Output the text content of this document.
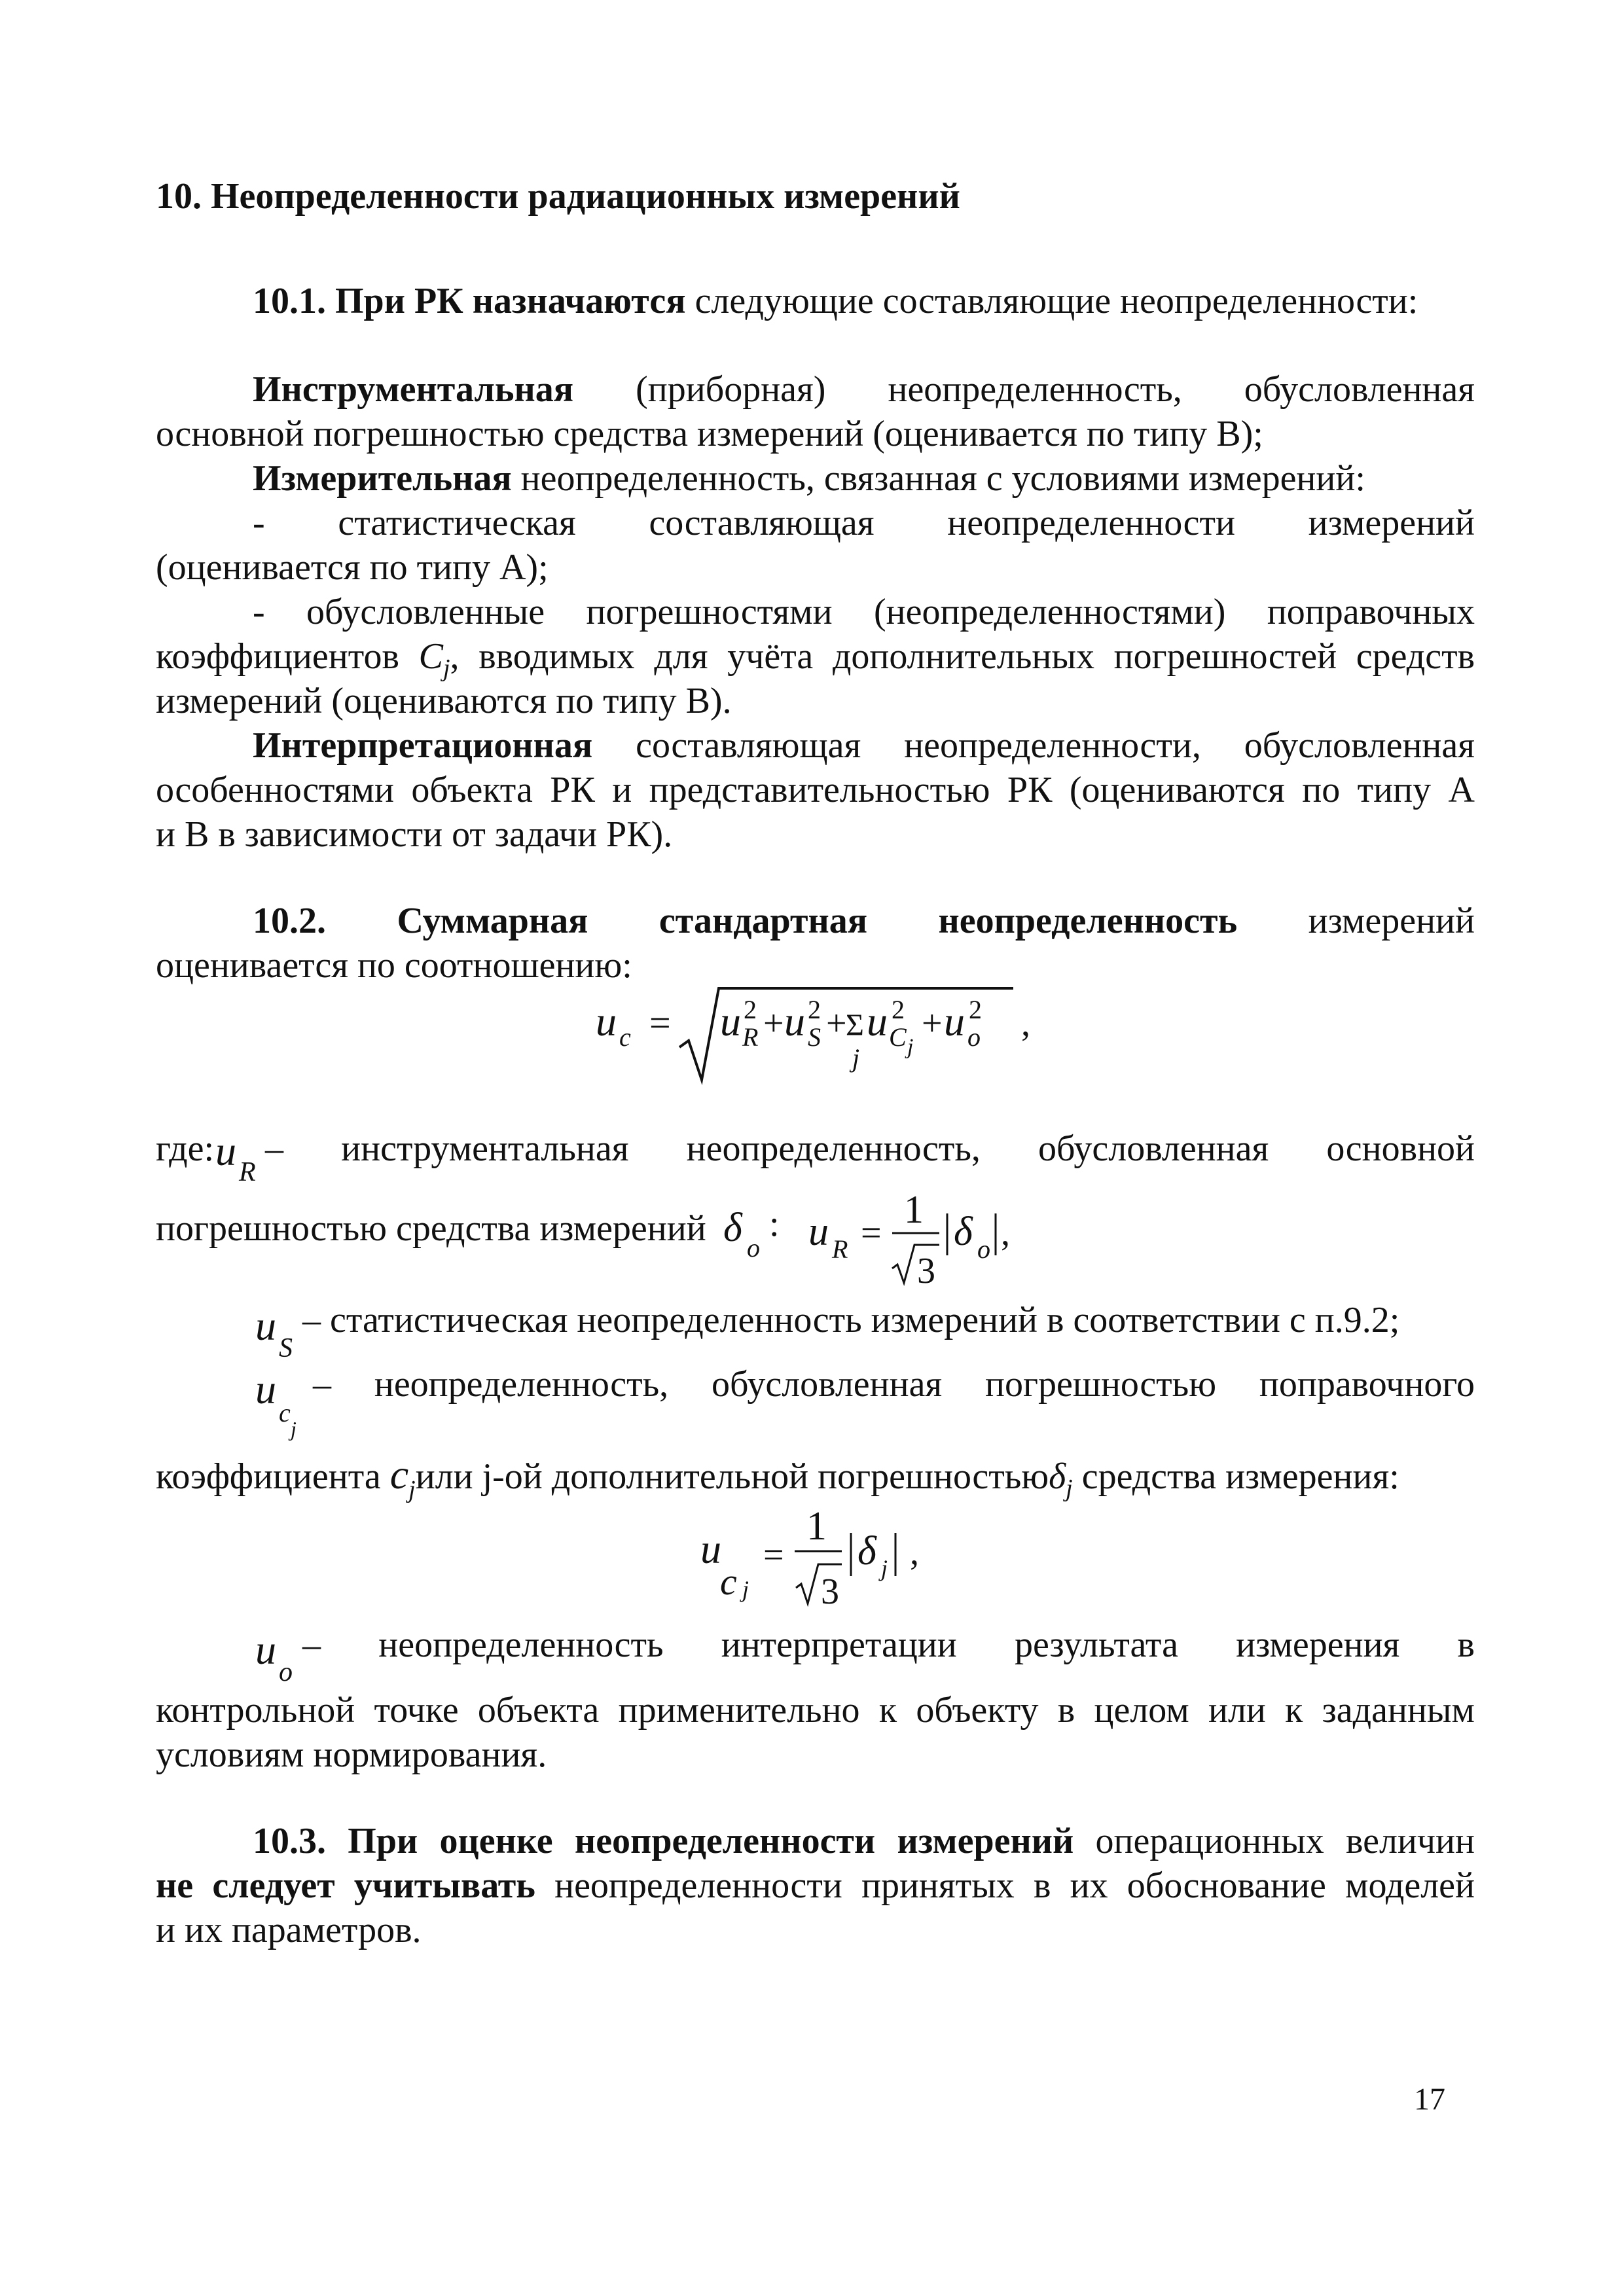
10. Неопределенности радиационных измерений
10.1. При РК назначаются следующие составляющие неопределенности:
Инструментальная (приборная) неопределенность, обусловленная
основной погрешностью средства измерений (оценивается по типу В);
Измерительная неопределенность, связанная с условиями измерений:
- статистическая составляющая неопределенности измерений
(оценивается по типу А);
- обусловленные погрешностями (неопределенностями) поправочных
коэффициентов $C_j$, вводимых для учёта дополнительных погрешностей средств
измерений (оцениваются по типу В).
Интерпретационная составляющая неопределенности, обусловленная
особенностями объекта РК и представительностью РК (оцениваются по типу А
и В в зависимости от задачи РК).
10.2. Суммарная стандартная неопределенность измерений
оценивается по соотношению:
u c = u 2
R + u 2
S +
Σ
j
u 2
C j
+ u 2
o ,
где: u R
– инструментальная неопределенность, обусловленная основной
погрешностью средства измерений δ o
: u R =
1
3
δ o ,
u S
– статистическая неопределенность измерений в соответствии с п.9.2;
u
c
j
– неопределенность, обусловленная погрешностью поправочного
коэффициента $c_jили$ j-ой дополнительной погрешностьюδ$_j$ средства измерения:
u
c j
=
1
3
δ j ,
u o
– неопределенность интерпретации результата измерения в
контрольной точке объекта применительно к объекту в целом или к заданным
условиям нормирования.
10.3. При оценке неопределенности измерений операционных величин
не следует учитывать неопределенности принятых в их обоснование моделей
и их параметров.
17
